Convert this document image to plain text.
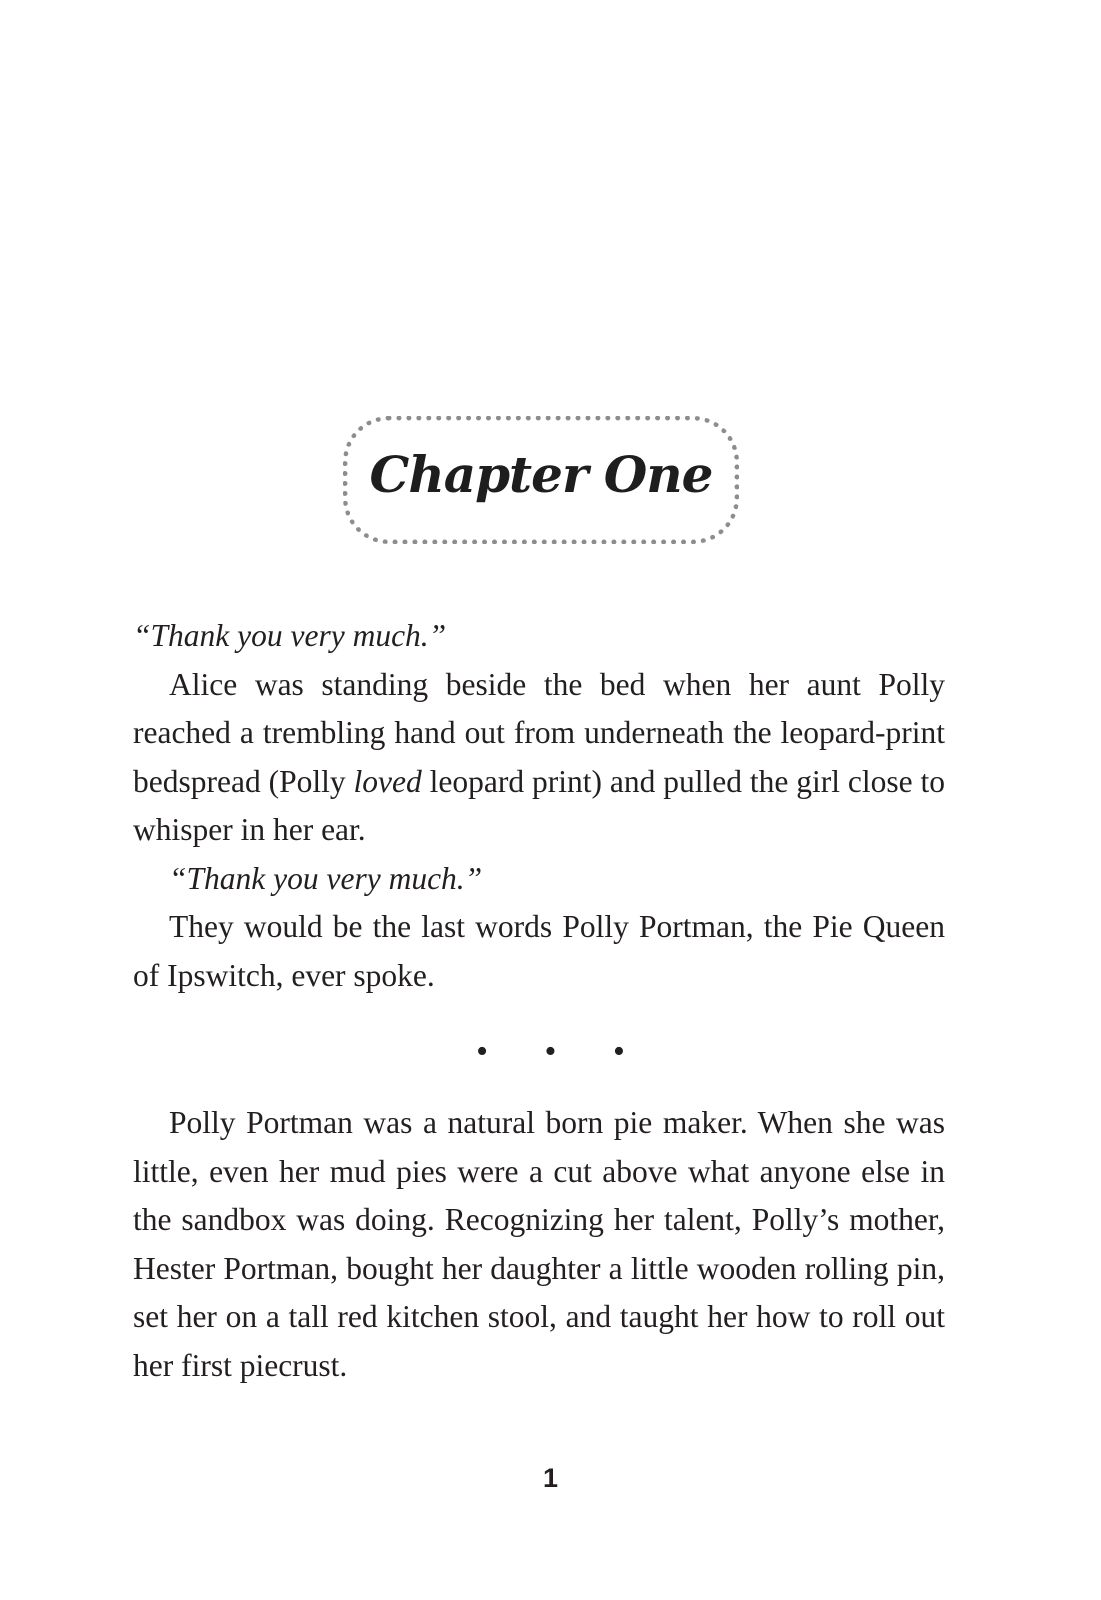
Chapter One

“Thank you very much.”

Alice was standing beside the bed when her aunt Polly reached a trembling hand out from underneath the leopard-print bedspread (Polly loved leopard print) and pulled the girl close to whisper in her ear.

“Thank you very much.”

They would be the last words Polly Portman, the Pie Queen of Ipswitch, ever spoke.

• • •

Polly Portman was a natural born pie maker. When she was little, even her mud pies were a cut above what anyone else in the sandbox was doing. Recognizing her talent, Polly’s mother, Hester Portman, bought her daughter a little wooden rolling pin, set her on a tall red kitchen stool, and taught her how to roll out her first piecrust.

1
